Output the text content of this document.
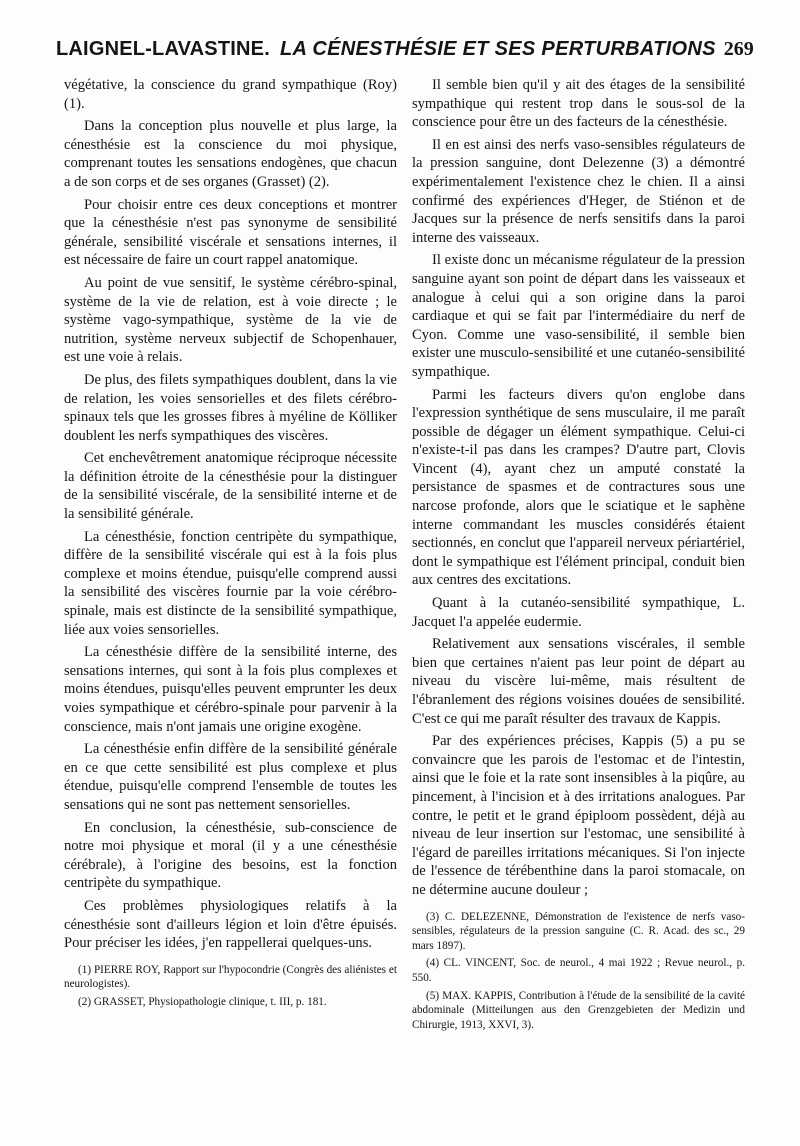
LAIGNEL-LAVASTINE. LA CÉNESTHÉSIE ET SES PERTURBATIONS 269

végétative, la conscience du grand sympathique (Roy) (1).

Dans la conception plus nouvelle et plus large, la cénesthésie est la conscience du moi physique, comprenant toutes les sensations endogènes, que chacun a de son corps et de ses organes (Grasset) (2).

Pour choisir entre ces deux conceptions et montrer que la cénesthésie n'est pas synonyme de sensibilité générale, sensibilité viscérale et sensations internes, il est nécessaire de faire un court rappel anatomique.

Au point de vue sensitif, le système cérébro-spinal, système de la vie de relation, est à voie directe ; le système vago-sympathique, système de la vie de nutrition, système nerveux subjectif de Schopenhauer, est une voie à relais.

De plus, des filets sympathiques doublent, dans la vie de relation, les voies sensorielles et des filets cérébro-spinaux tels que les grosses fibres à myéline de Kölliker doublent les nerfs sympathiques des viscères.

Cet enchevêtrement anatomique réciproque nécessite la définition étroite de la cénesthésie pour la distinguer de la sensibilité viscérale, de la sensibilité interne et de la sensibilité générale.

La cénesthésie, fonction centripète du sympathique, diffère de la sensibilité viscérale qui est à la fois plus complexe et moins étendue, puisqu'elle comprend aussi la sensibilité des viscères fournie par la voie cérébro-spinale, mais est distincte de la sensibilité sympathique, liée aux voies sensorielles.

La cénesthésie diffère de la sensibilité interne, des sensations internes, qui sont à la fois plus complexes et moins étendues, puisqu'elles peuvent emprunter les deux voies sympathique et cérébro-spinale pour parvenir à la conscience, mais n'ont jamais une origine exogène.

La cénesthésie enfin diffère de la sensibilité générale en ce que cette sensibilité est plus complexe et plus étendue, puisqu'elle comprend l'ensemble de toutes les sensations qui ne sont pas nettement sensorielles.

En conclusion, la cénesthésie, sub-conscience de notre moi physique et moral (il y a une cénesthésie cérébrale), à l'origine des besoins, est la fonction centripète du sympathique.

Ces problèmes physiologiques relatifs à la cénesthésie sont d'ailleurs légion et loin d'être épuisés. Pour préciser les idées, j'en rappellerai quelques-uns.

(1) PIERRE ROY, Rapport sur l'hypocondrie (Congrès des aliénistes et neurologistes).

(2) GRASSET, Physiopathologie clinique, t. III, p. 181.

Il semble bien qu'il y ait des étages de la sensibilité sympathique qui restent trop dans le sous-sol de la conscience pour être un des facteurs de la cénesthésie.

Il en est ainsi des nerfs vaso-sensibles régulateurs de la pression sanguine, dont Delezenne (3) a démontré expérimentalement l'existence chez le chien. Il a ainsi confirmé des expériences d'Heger, de Stiénon et de Jacques sur la présence de nerfs sensitifs dans la paroi interne des vaisseaux.

Il existe donc un mécanisme régulateur de la pression sanguine ayant son point de départ dans les vaisseaux et analogue à celui qui a son origine dans la paroi cardiaque et qui se fait par l'intermédiaire du nerf de Cyon. Comme une vaso-sensibilité, il semble bien exister une musculo-sensibilité et une cutanéo-sensibilité sympathique.

Parmi les facteurs divers qu'on englobe dans l'expression synthétique de sens musculaire, il me paraît possible de dégager un élément sympathique. Celui-ci n'existe-t-il pas dans les crampes? D'autre part, Clovis Vincent (4), ayant chez un amputé constaté la persistance de spasmes et de contractures sous une narcose profonde, alors que le sciatique et le saphène interne commandant les muscles considérés étaient sectionnés, en conclut que l'appareil nerveux périartériel, dont le sympathique est l'élément principal, conduit bien aux centres des excitations.

Quant à la cutanéo-sensibilité sympathique, L. Jacquet l'a appelée eudermie.

Relativement aux sensations viscérales, il semble bien que certaines n'aient pas leur point de départ au niveau du viscère lui-même, mais résultent de l'ébranlement des régions voisines douées de sensibilité. C'est ce qui me paraît résulter des travaux de Kappis.

Par des expériences précises, Kappis (5) a pu se convaincre que les parois de l'estomac et de l'intestin, ainsi que le foie et la rate sont insensibles à la piqûre, au pincement, à l'incision et à des irritations analogues. Par contre, le petit et le grand épiploom possèdent, déjà au niveau de leur insertion sur l'estomac, une sensibilité à l'égard de pareilles irritations mécaniques. Si l'on injecte de l'essence de térébenthine dans la paroi stomacale, on ne détermine aucune douleur ;

(3) C. DELEZENNE, Démonstration de l'existence de nerfs vaso-sensibles, régulateurs de la pression sanguine (C. R. Acad. des sc., 29 mars 1897).

(4) CL. VINCENT, Soc. de neurol., 4 mai 1922 ; Revue neurol., p. 550.

(5) MAX. KAPPIS, Contribution à l'étude de la sensibilité de la cavité abdominale (Mitteilungen aus den Grenzgebieten der Medizin und Chirurgie, 1913, XXVI, 3).
